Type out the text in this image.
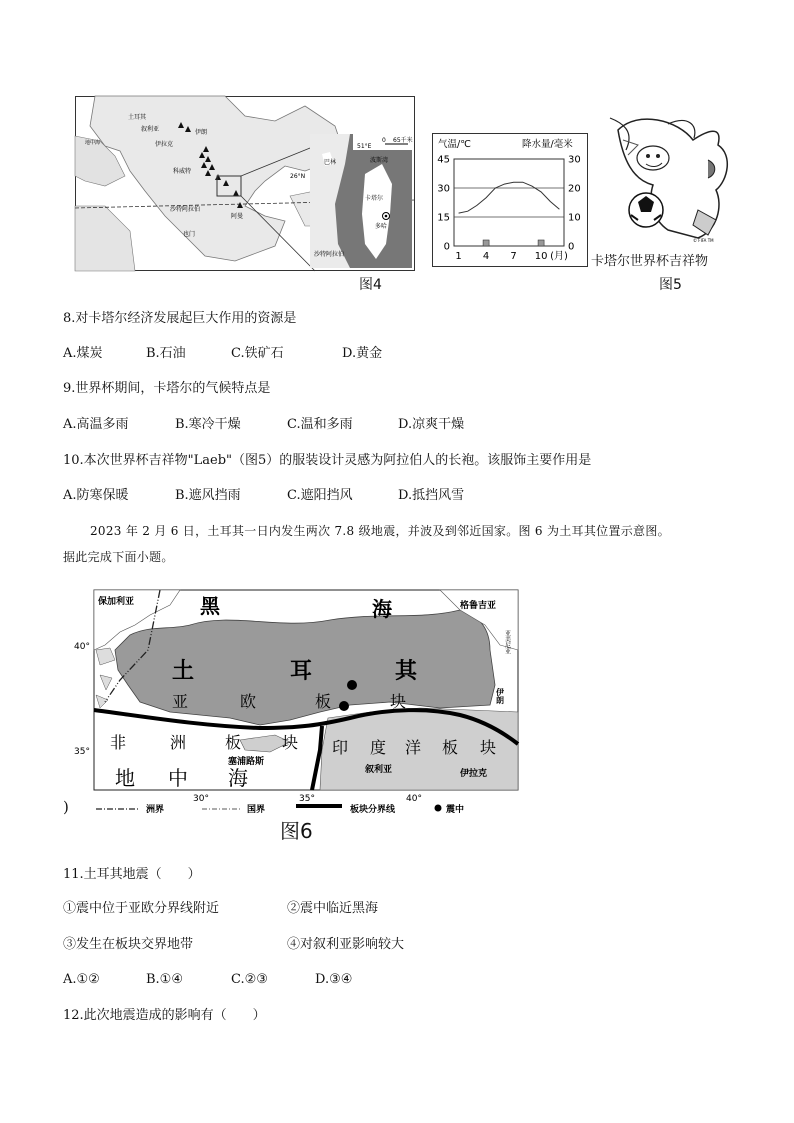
土耳其
叙利亚	伊朗
伊拉克
地中海
科威特
沙特阿拉伯
阿曼
也门
0 65千米
51°E
26°N
巴林	波斯湾
卡塔尔
多哈
沙特阿拉伯
气温/℃	降水量/毫米
45
30
15
0
30
20
10
0
1 4 7 10 (月)
© FIFA TM
卡塔尔世界杯吉祥物
图4	图5
8.对卡塔尔经济发展起巨大作用的资源是
A.煤炭	B.石油	C.铁矿石	D.黄金
9.世界杯期间，卡塔尔的气候特点是
A.高温多雨	B.寒冷干燥	C.温和多雨	D.凉爽干燥
10.本次世界杯吉祥物"Laeb"（图5）的服装设计灵感为阿拉伯人的长袍。该服饰主要作用是
A.防寒保暖	B.遮风挡雨	C.遮阳挡风	D.抵挡风雪
2023 年 2 月 6 日，土耳其一日内发生两次 7.8 级地震，并波及到邻近国家。图 6 为土耳其位置示意图。
据此完成下面小题。
保加利亚	黑	海	格鲁吉亚
亚美尼亚
土	耳	其
亚	欧	板	块	伊朗
非	洲 板	块 印 度 洋 板 块
塞浦路斯
叙利亚	伊拉克
地 中 海
40°
35°
30°	35°	40°
洲界	国界	板块分界线	震中
)
图6
11.土耳其地震（　　）
①震中位于亚欧分界线附近	②震中临近黑海
③发生在板块交界地带	④对叙利亚影响较大
A.①②	B.①④	C.②③	D.③④
12.此次地震造成的影响有（　　）
